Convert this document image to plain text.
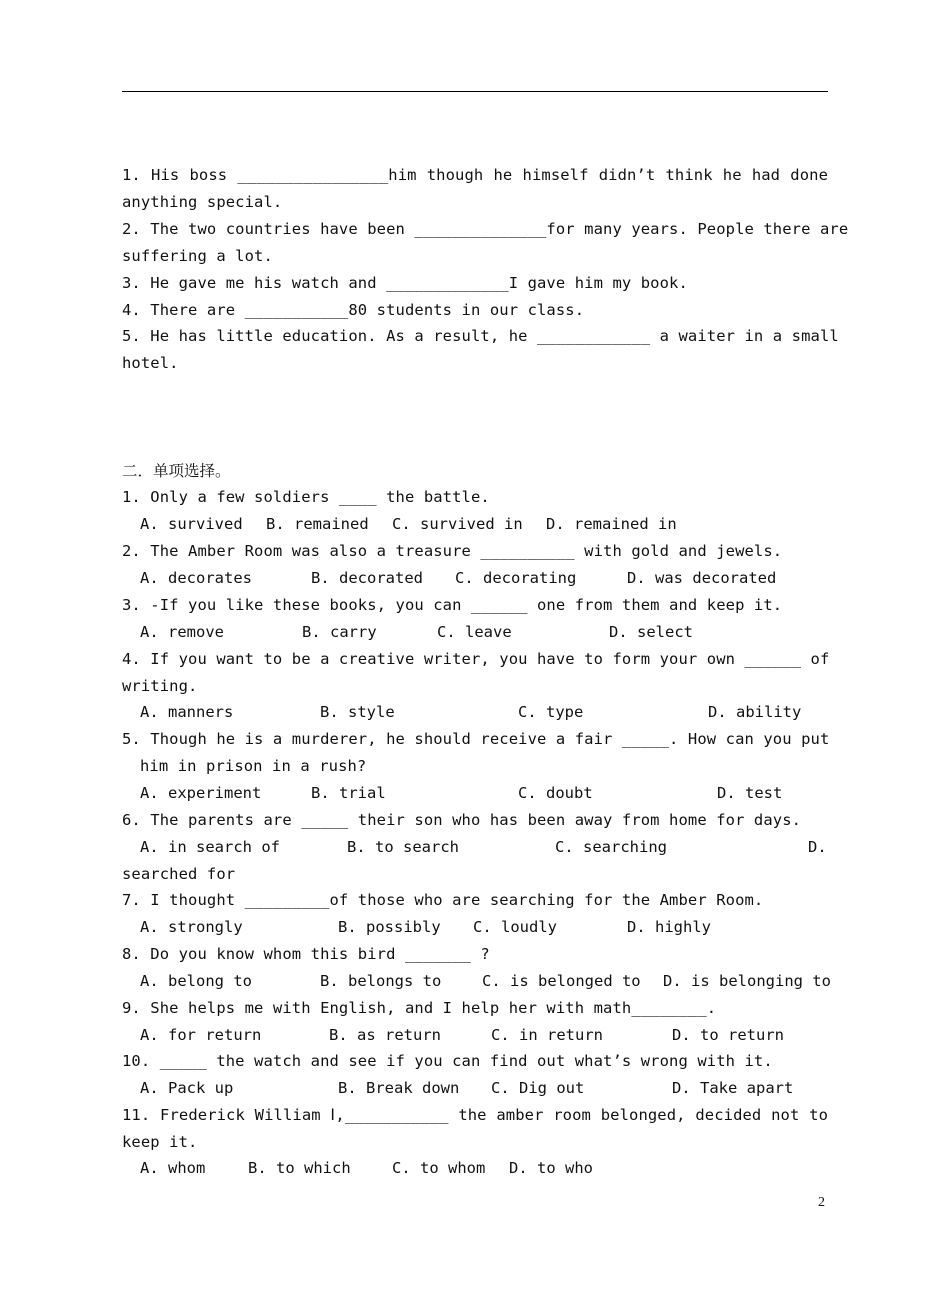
1. His boss ________________him though he himself didn’t think he had done
anything special.
2. The two countries have been ______________for many years. People there are
suffering a lot.
3. He gave me his watch and _____________I gave him my book.
4. There are ___________80 students in our class.
5. He has little education. As a result, he ____________ a waiter in a small
hotel.
二．单项选择。
1. Only a few soldiers ____ the battle.
A. survived B. remained C. survived in D. remained in
2. The Amber Room was also a treasure __________ with gold and jewels.
A. decorates	B. decorated C. decorating	D. was decorated
3. -If you like these books, you can ______ one from them and keep it.
A. remove	B. carry	C. leave	D. select
4. If you want to be a creative writer, you have to form your own ______ of
writing.
A. manners	B. style	C. type	D. ability
5. Though he is a murderer, he should receive a fair _____. How can you put
him in prison in a rush?
A. experiment	B. trial	C. doubt	D. test
6. The parents are _____ their son who has been away from home for days.
A. in search of	B. to search	C. searching	D.
searched for
7. I thought _________of those who are searching for the Amber Room.
A. strongly	B. possibly C. loudly	D. highly
8. Do you know whom this bird _______ ?
A. belong to	B. belongs to	C. is belonged to D. is belonging to
9. She helps me with English, and I help her with math________.
A. for return	B. as return	C. in return	D. to return
10. _____ the watch and see if you can find out what’s wrong with it.
A. Pack up	B. Break down C. Dig out	D. Take apart
11. Frederick William Ⅰ,___________ the amber room belonged, decided not to
keep it.
A. whom	B. to which	C. to whom D. to who
2
